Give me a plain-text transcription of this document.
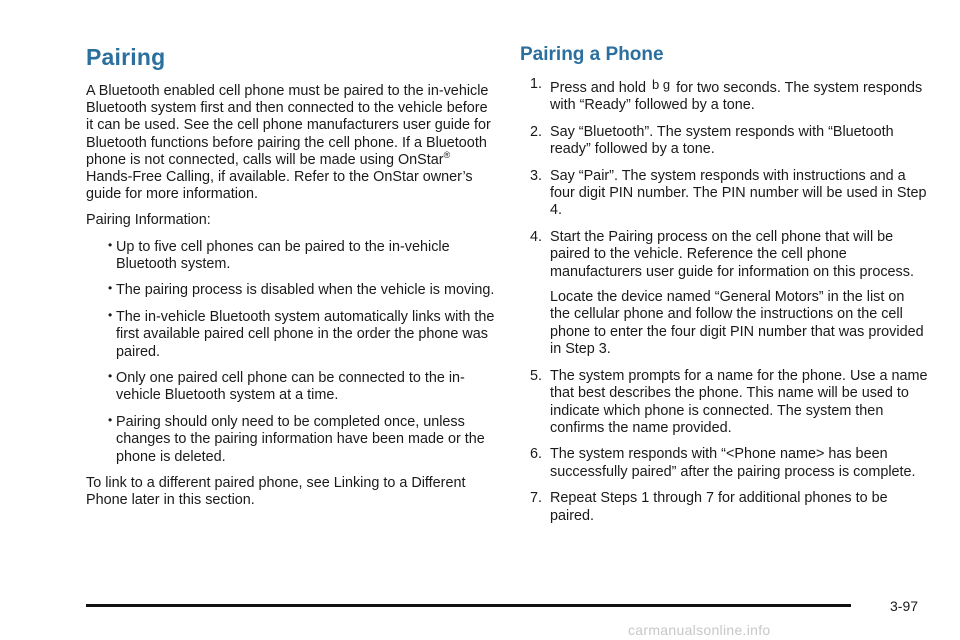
Pairing

A Bluetooth enabled cell phone must be paired to the in-vehicle Bluetooth system first and then connected to the vehicle before it can be used. See the cell phone manufacturers user guide for Bluetooth functions before pairing the cell phone. If a Bluetooth phone is not connected, calls will be made using OnStar® Hands-Free Calling, if available. Refer to the OnStar owner’s guide for more information.

Pairing Information:

• Up to five cell phones can be paired to the in-vehicle Bluetooth system.
• The pairing process is disabled when the vehicle is moving.
• The in-vehicle Bluetooth system automatically links with the first available paired cell phone in the order the phone was paired.
• Only one paired cell phone can be connected to the in-vehicle Bluetooth system at a time.
• Pairing should only need to be completed once, unless changes to the pairing information have been made or the phone is deleted.

To link to a different paired phone, see Linking to a Different Phone later in this section.

Pairing a Phone
1. Press and hold b g for two seconds. The system responds with “Ready” followed by a tone.
2. Say “Bluetooth”. The system responds with “Bluetooth ready” followed by a tone.
3. Say “Pair”. The system responds with instructions and a four digit PIN number. The PIN number will be used in Step 4.
4. Start the Pairing process on the cell phone that will be paired to the vehicle. Reference the cell phone manufacturers user guide for information on this process.
Locate the device named “General Motors” in the list on the cellular phone and follow the instructions on the cell phone to enter the four digit PIN number that was provided in Step 3.
5. The system prompts for a name for the phone. Use a name that best describes the phone. This name will be used to indicate which phone is connected. The system then confirms the name provided.
6. The system responds with “<Phone name> has been successfully paired” after the pairing process is complete.
7. Repeat Steps 1 through 7 for additional phones to be paired.
3-97
carmanualsonline.info
